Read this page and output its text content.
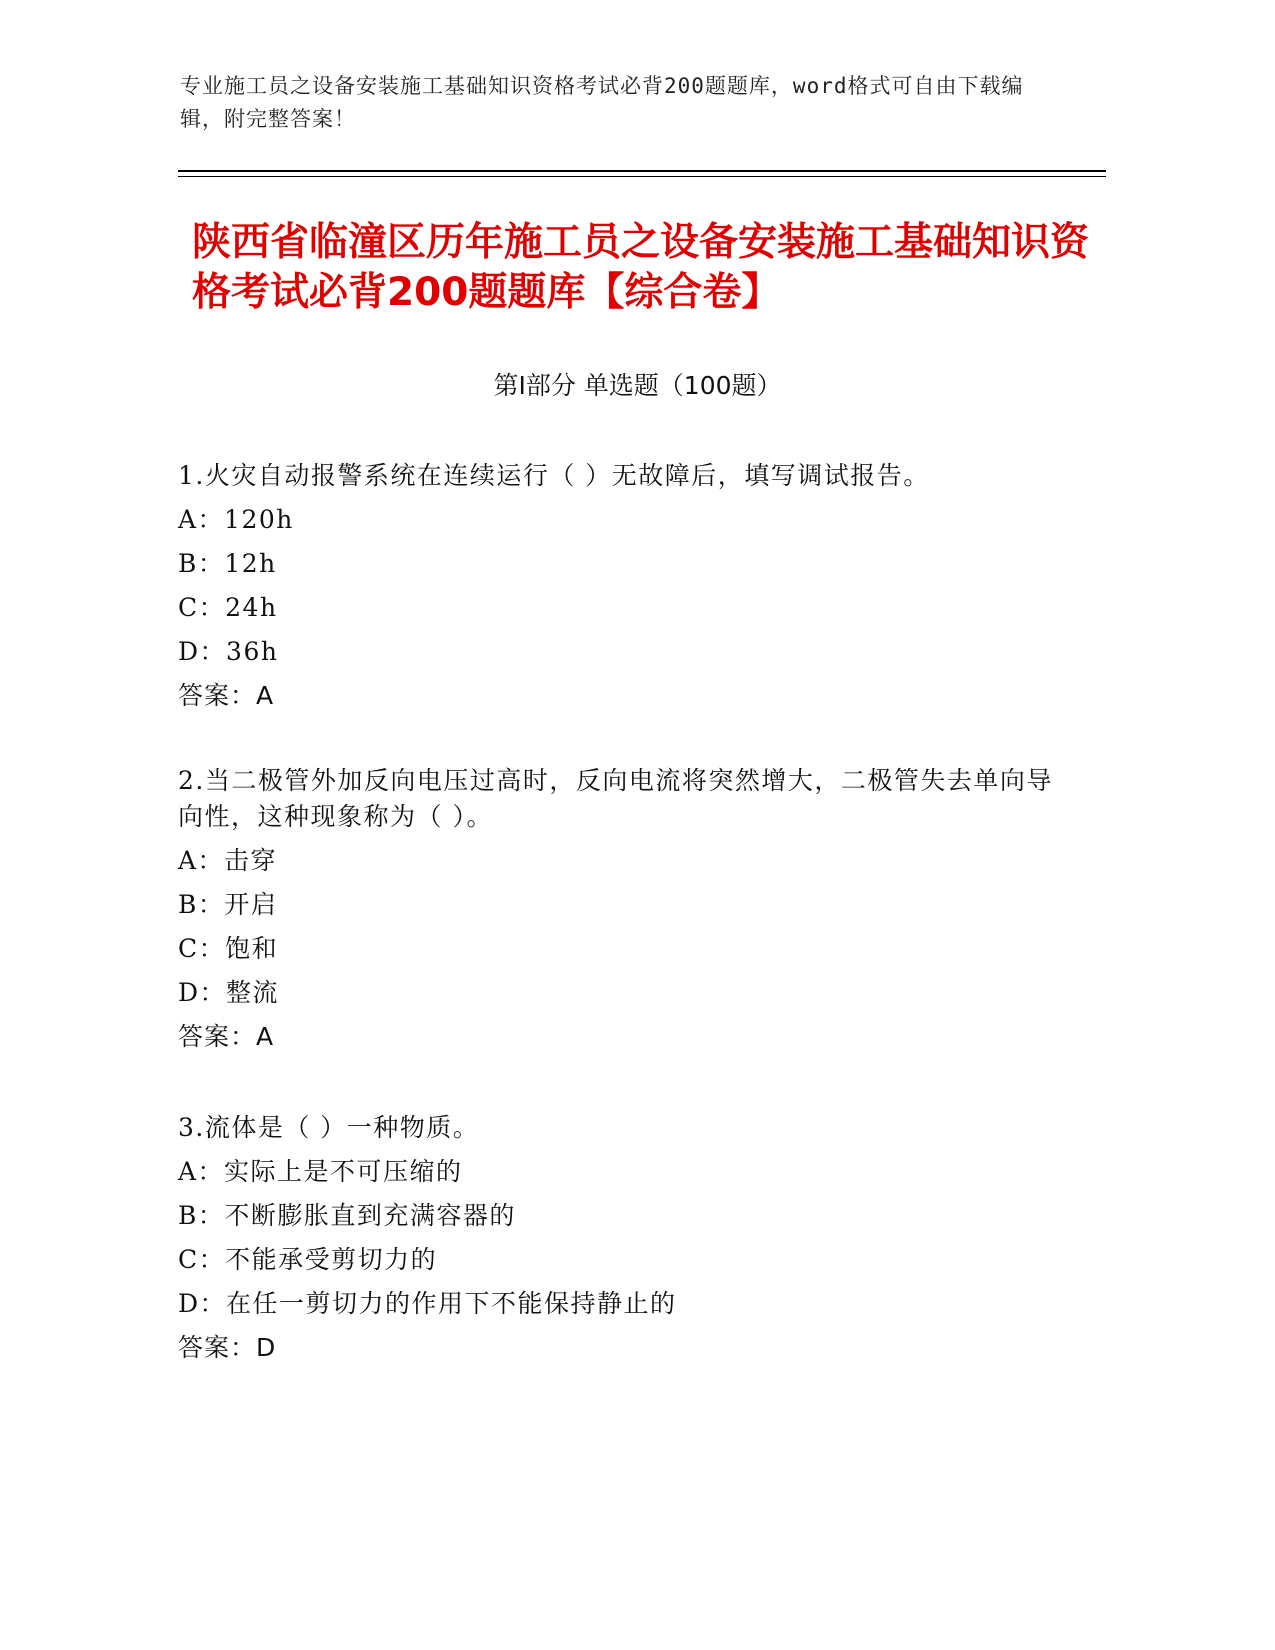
专业施工员之设备安装施工基础知识资格考试必背200题题库，word格式可自由下载编辑，附完整答案！
陕西省临潼区历年施工员之设备安装施工基础知识资格考试必背200题题库【综合卷】
第Ⅰ部分 单选题（100题）

1.火灾自动报警系统在连续运行（ ）无故障后，填写调试报告。

A：120h

B：12h

C：24h

D：36h

答案：A

2.当二极管外加反向电压过高时，反向电流将突然增大，二极管失去单向导向性，这种现象称为（ ）。

A：击穿

B：开启

C：饱和

D：整流

答案：A

3.流体是（ ）一种物质。

A：实际上是不可压缩的

B：不断膨胀直到充满容器的

C：不能承受剪切力的

D：在任一剪切力的作用下不能保持静止的

答案：D
